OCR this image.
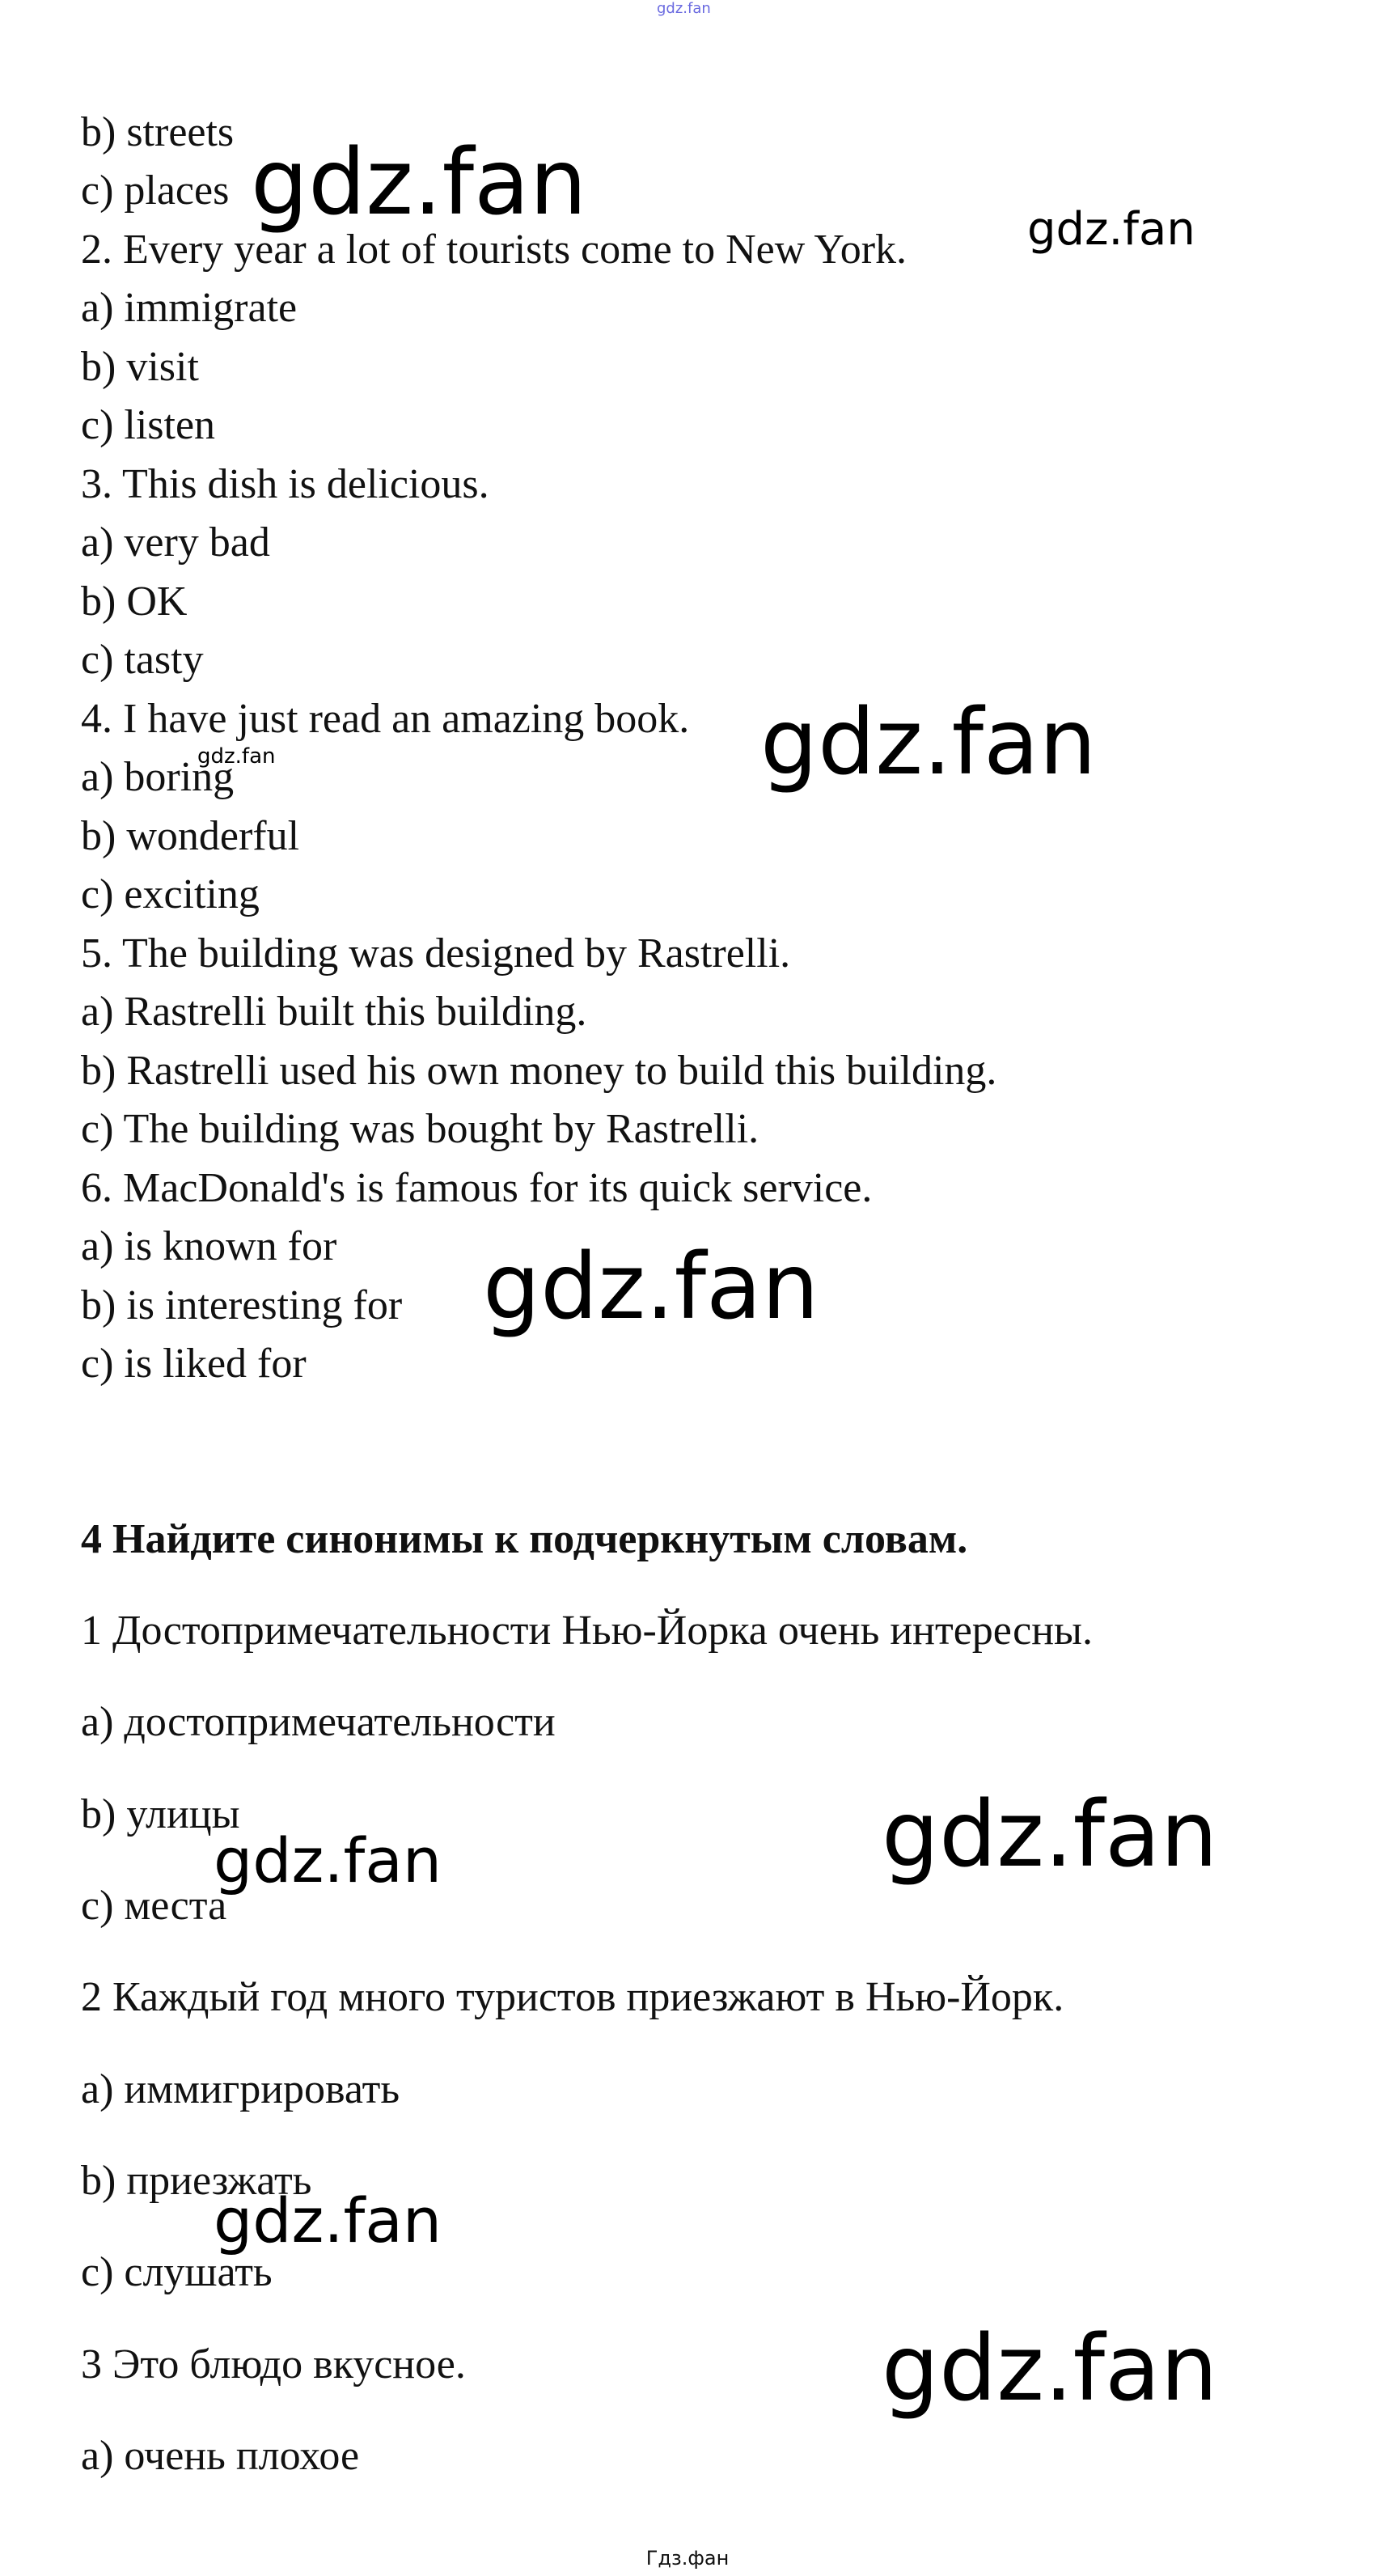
gdz.fan
b) streets
c) places
2. Every year a lot of tourists come to New York.
a) immigrate
b) visit
c) listen
3. This dish is delicious.
a) very bad
b) OK
c) tasty
4. I have just read an amazing book.
a) boring
b) wonderful
c) exciting
5. The building was designed by Rastrelli.
a) Rastrelli built this building.
b) Rastrelli used his own money to build this building.
c) The building was bought by Rastrelli.
6. MacDonald's is famous for its quick service.
a) is known for
b) is interesting for
c) is liked for
4 Найдите синонимы к подчеркнутым словам.
1 Достопримечательности Нью-Йорка очень интересны.
a) достопримечательности
b) улицы
c) места
2 Каждый год много туристов приезжают в Нью-Йорк.
a) иммигрировать
b) приезжать
c) слушать
3 Это блюдо вкусное.
a) очень плохое
gdz.fan	gdz.fan
gdz.fan
gdz.fan
gdz.fan
gdz.fan
gdz.fan
gdz.fan
gdz.fan
Гдз.фан
